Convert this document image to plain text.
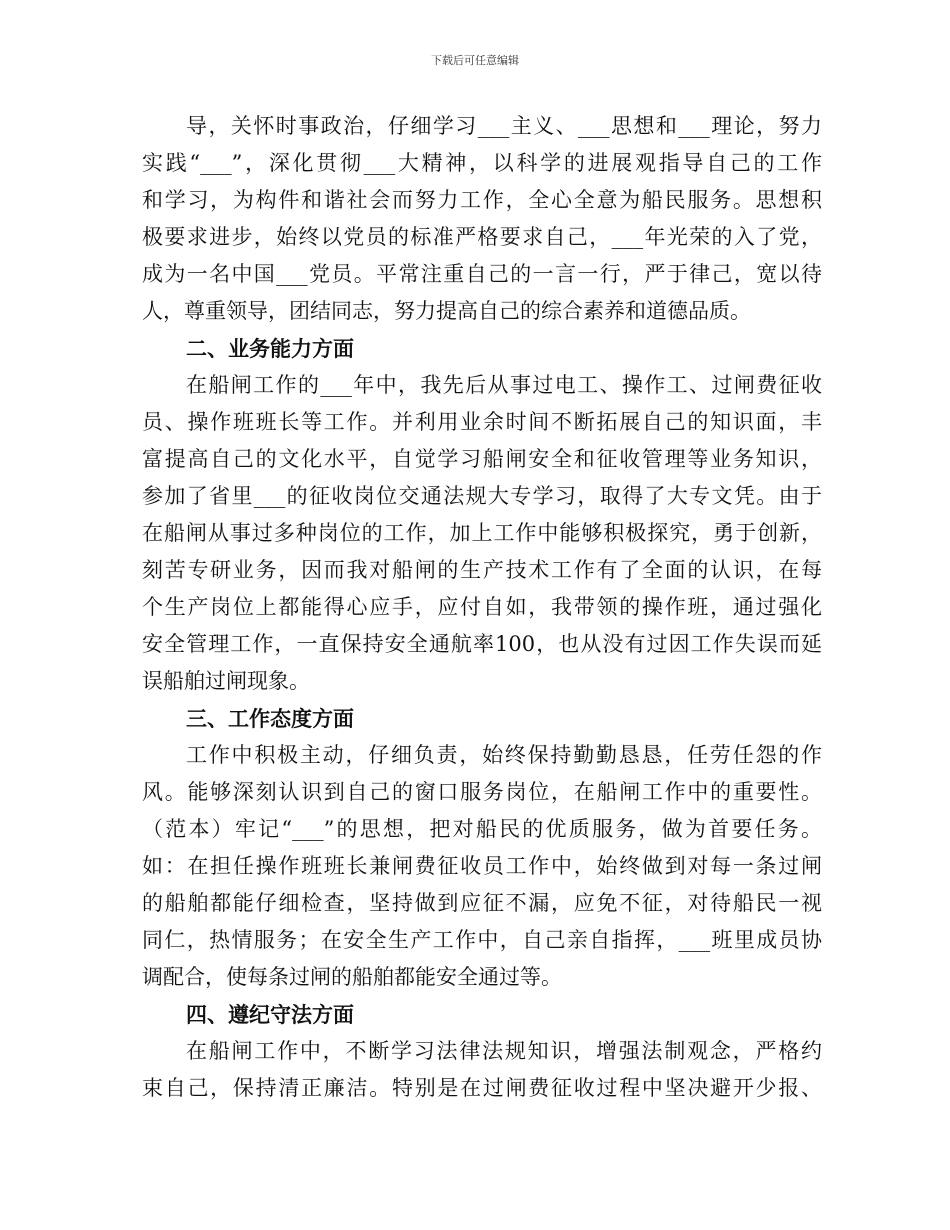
下载后可任意编辑
导，关怀时事政治，仔细学习___主义、___思想和___理论，努力
实践“___”，深化贯彻___大精神，以科学的进展观指导自己的工作
和学习，为构件和谐社会而努力工作，全心全意为船民服务。思想积
极要求进步，始终以党员的标准严格要求自己，___年光荣的入了党，
成为一名中国___党员。平常注重自己的一言一行，严于律己，宽以待
人，尊重领导，团结同志，努力提高自己的综合素养和道德品质。
二、业务能力方面
在船闸工作的___年中，我先后从事过电工、操作工、过闸费征收
员、操作班班长等工作。并利用业余时间不断拓展自己的知识面，丰
富提高自己的文化水平，自觉学习船闸安全和征收管理等业务知识，
参加了省里___的征收岗位交通法规大专学习，取得了大专文凭。由于
在船闸从事过多种岗位的工作，加上工作中能够积极探究，勇于创新，
刻苦专研业务，因而我对船闸的生产技术工作有了全面的认识，在每
个生产岗位上都能得心应手，应付自如，我带领的操作班，通过强化
安全管理工作，一直保持安全通航率100，也从没有过因工作失误而延
误船舶过闸现象。
三、工作态度方面
工作中积极主动，仔细负责，始终保持勤勤恳恳，任劳任怨的作
风。能够深刻认识到自己的窗口服务岗位，在船闸工作中的重要性。
（范本）牢记“___”的思想，把对船民的优质服务，做为首要任务。
如：在担任操作班班长兼闸费征收员工作中，始终做到对每一条过闸
的船舶都能仔细检查，坚持做到应征不漏，应免不征，对待船民一视
同仁，热情服务；在安全生产工作中，自己亲自指挥，___班里成员协
调配合，使每条过闸的船舶都能安全通过等。
四、遵纪守法方面
在船闸工作中，不断学习法律法规知识，增强法制观念，严格约
束自己，保持清正廉洁。特别是在过闸费征收过程中坚决避开少报、
